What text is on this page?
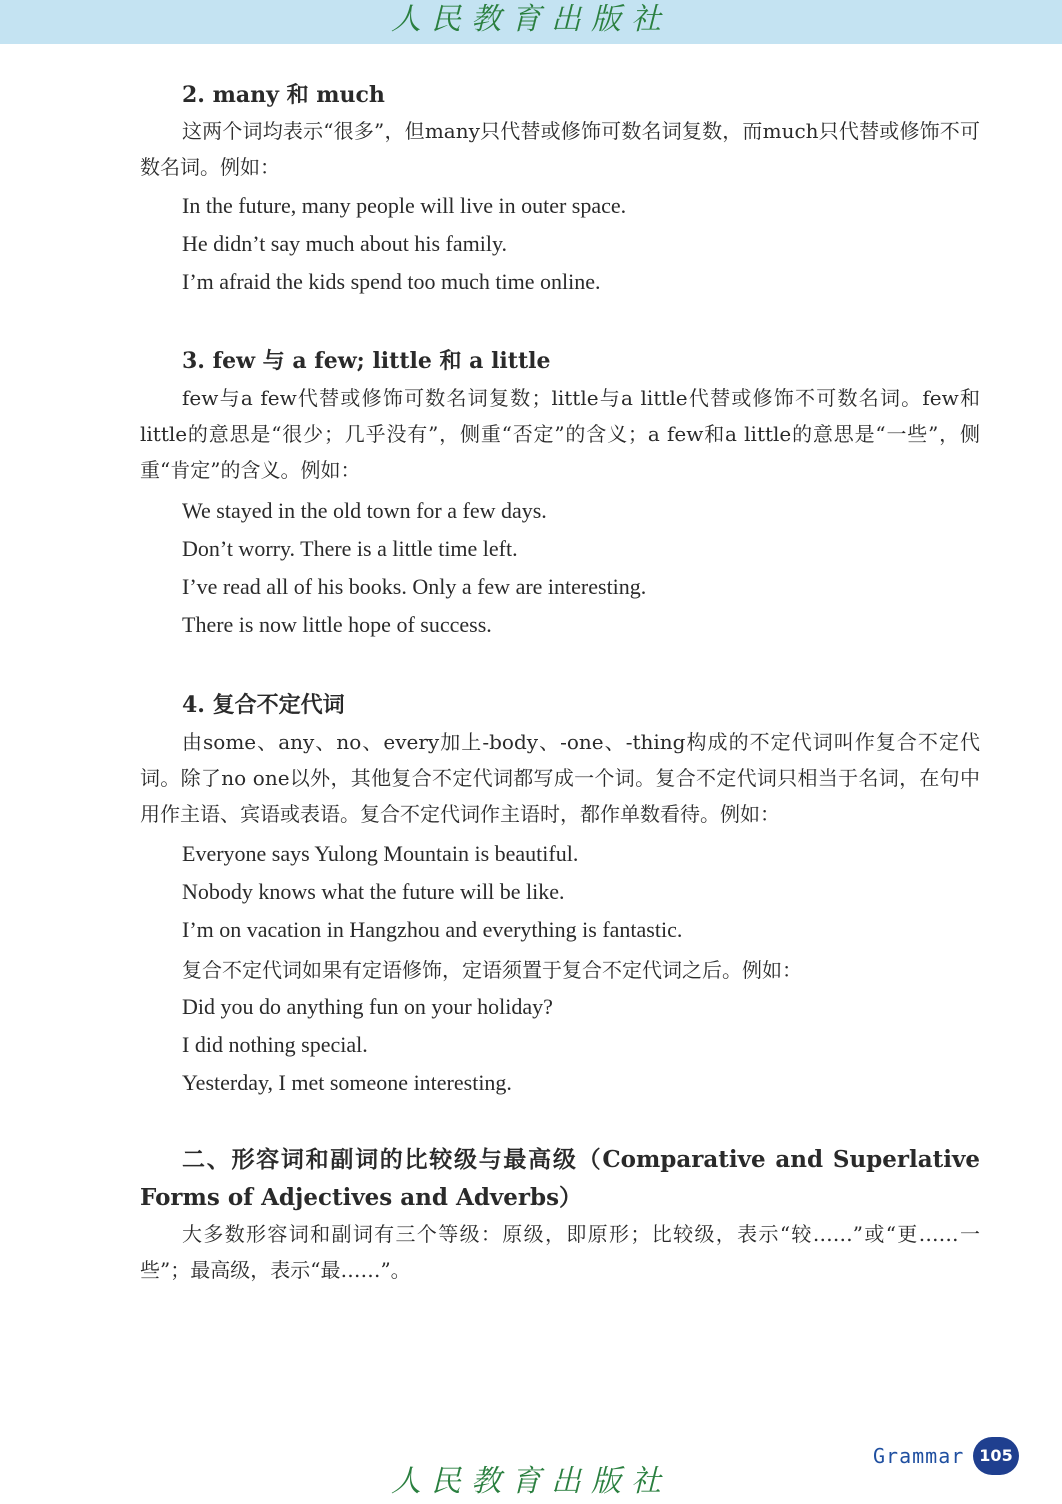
人民教育出版社
2. many 和 much

这两个词均表示“很多”，但many只代替或修饰可数名词复数，而much只代替或修饰不可数名词。例如：

In the future, many people will live in outer space.
He didn’t say much about his family.
I’m afraid the kids spend too much time online.
3. few 与 a few; little 和 a little

few与a few代替或修饰可数名词复数；little与a little代替或修饰不可数名词。few和little的意思是“很少；几乎没有”，侧重“否定”的含义；a few和a little的意思是“一些”，侧重“肯定”的含义。例如：

We stayed in the old town for a few days.
Don’t worry. There is a little time left.
I’ve read all of his books. Only a few are interesting.
There is now little hope of success.
4. 复合不定代词

由some、any、no、every加上-body、-one、-thing构成的不定代词叫作复合不定代词。除了no one以外，其他复合不定代词都写成一个词。复合不定代词只相当于名词，在句中用作主语、宾语或表语。复合不定代词作主语时，都作单数看待。例如：

Everyone says Yulong Mountain is beautiful.
Nobody knows what the future will be like.
I’m on vacation in Hangzhou and everything is fantastic.
复合不定代词如果有定语修饰，定语须置于复合不定代词之后。例如：
Did you do anything fun on your holiday?
I did nothing special.
Yesterday, I met someone interesting.

二、形容词和副词的比较级与最高级（Comparative and Superlative Forms of Adjectives and Adverbs）

大多数形容词和副词有三个等级：原级，即原形；比较级，表示“较……”或“更……一些”；最高级，表示“最……”。

Grammar 105
人民教育出版社
